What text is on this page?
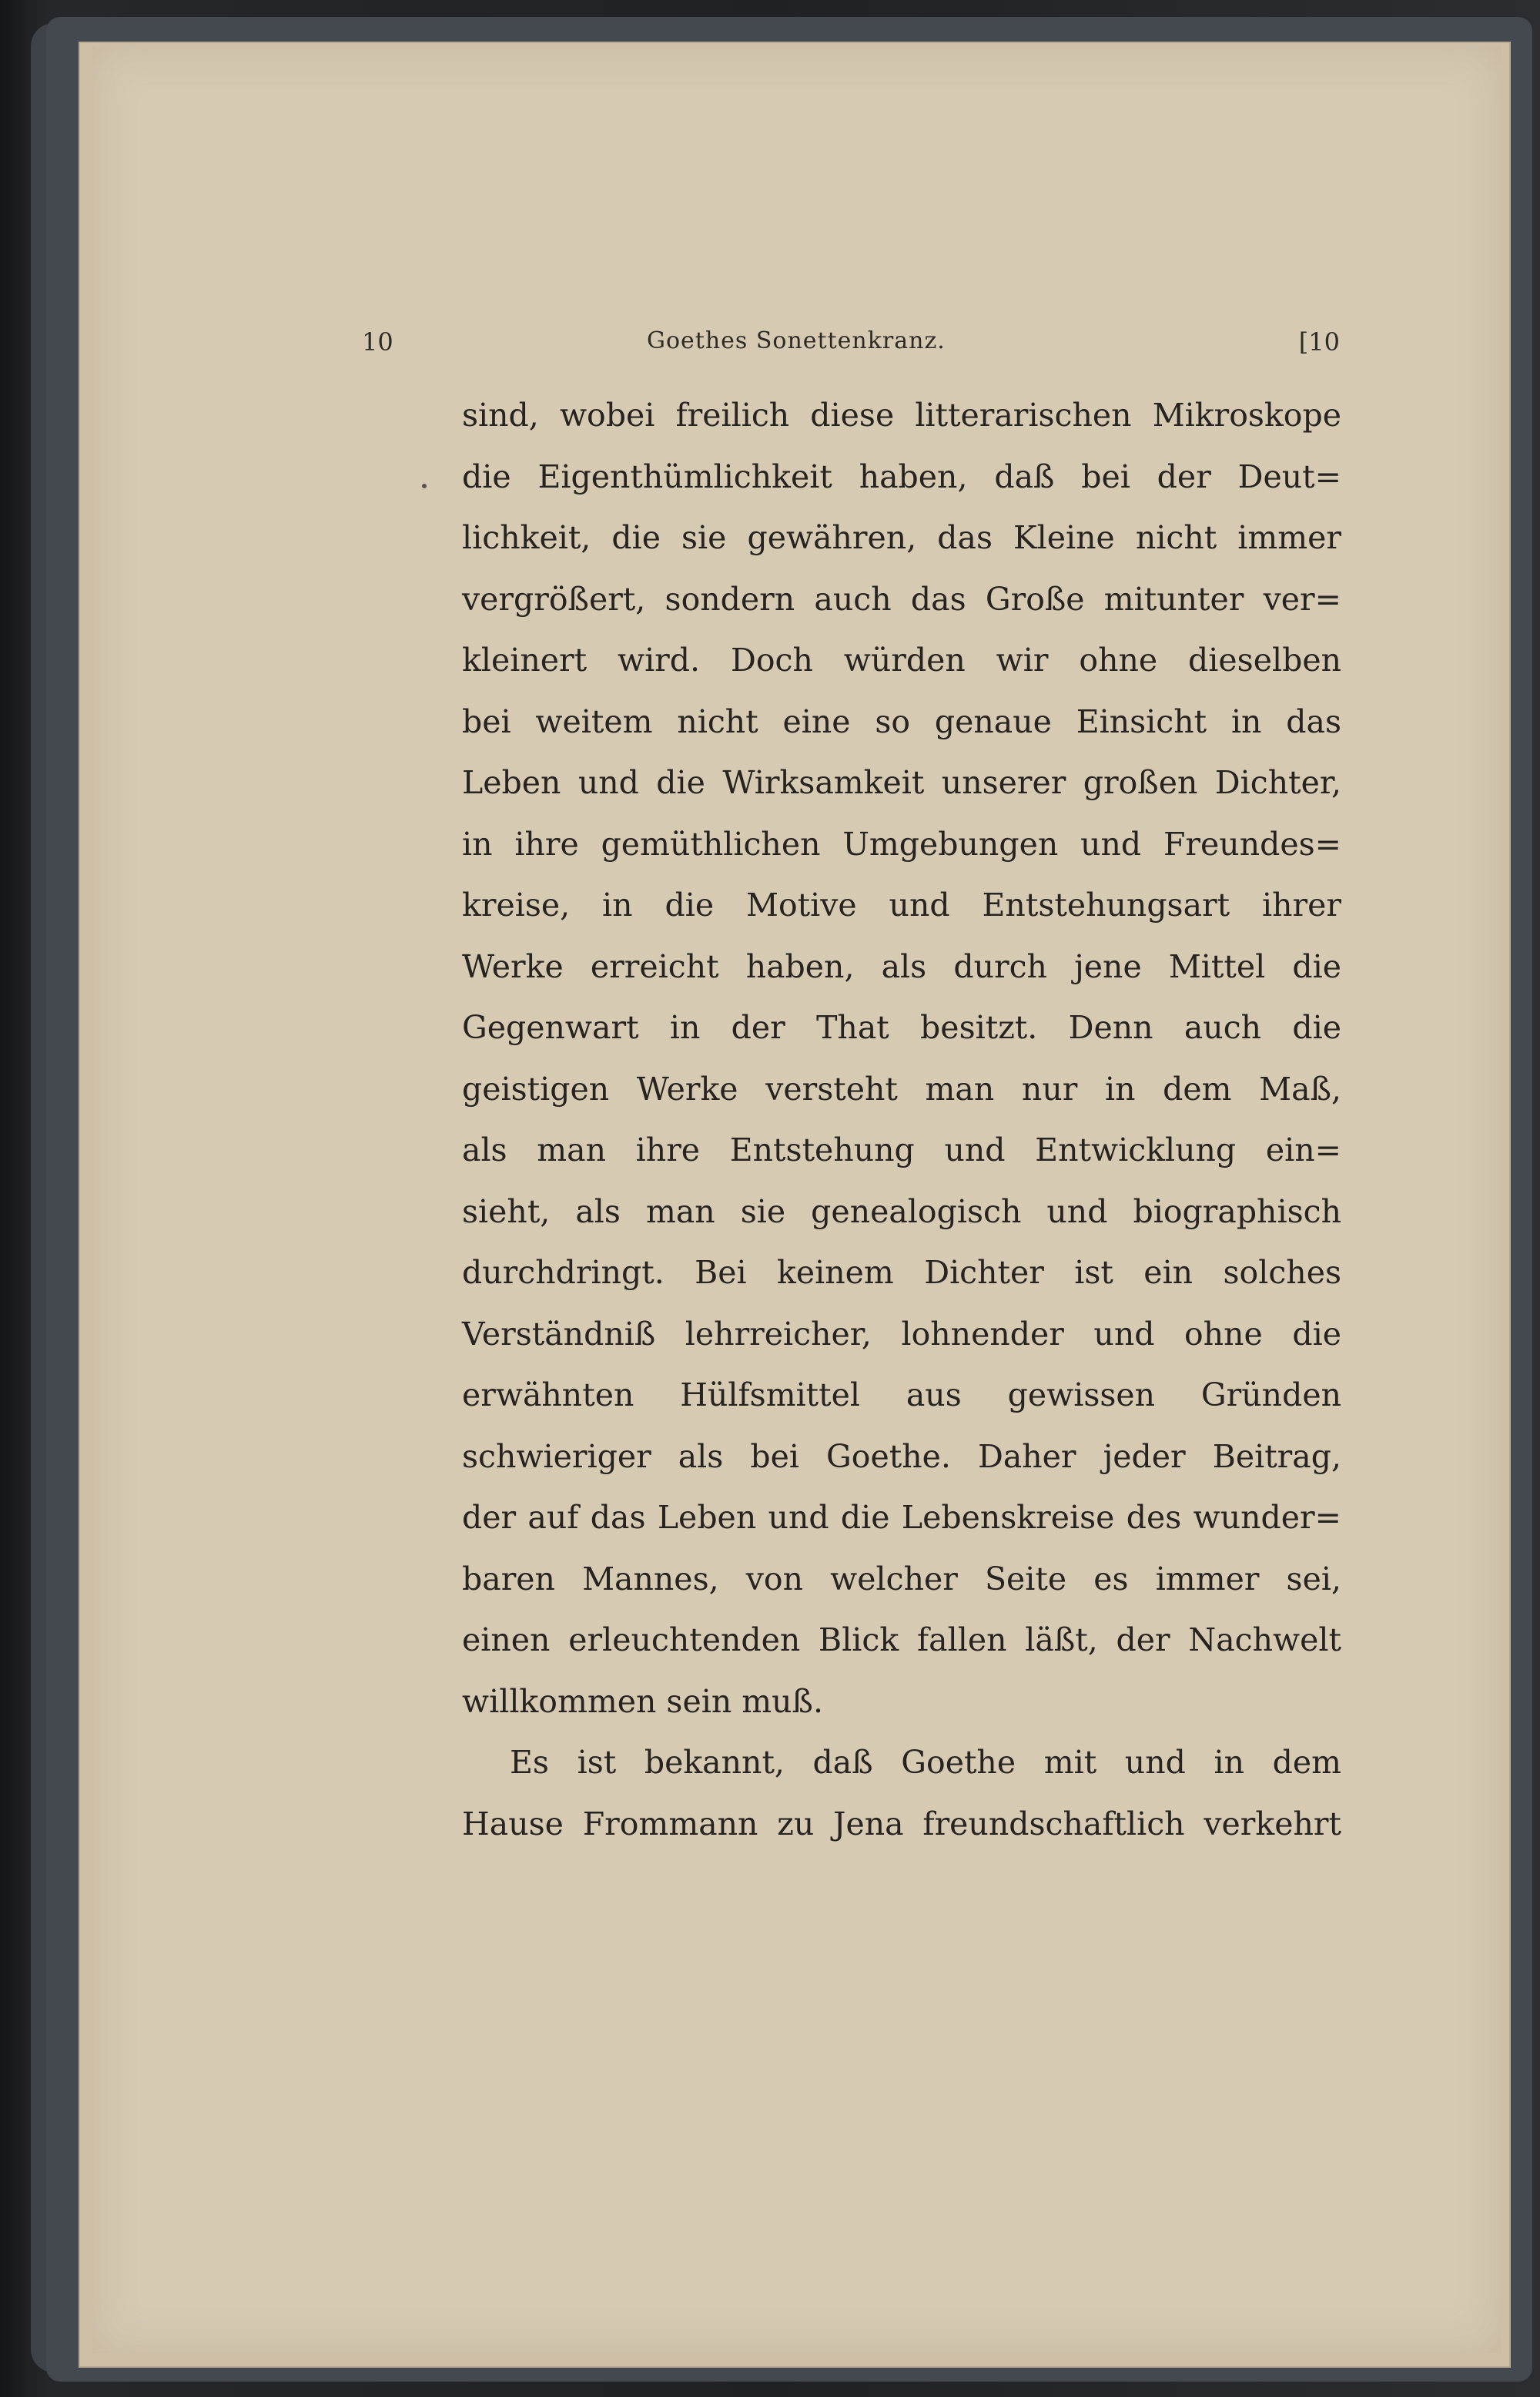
10	Goethes Sonettenkranz.	[10
sind, wobei freilich diese litterarischen Mikroskope
die Eigenthümlichkeit haben, daß bei der Deut=
lichkeit, die sie gewähren, das Kleine nicht immer
vergrößert, sondern auch das Große mitunter ver=
kleinert wird. Doch würden wir ohne dieselben
bei weitem nicht eine so genaue Einsicht in das
Leben und die Wirksamkeit unserer großen Dichter,
in ihre gemüthlichen Umgebungen und Freundes=
kreise, in die Motive und Entstehungsart ihrer
Werke erreicht haben, als durch jene Mittel die
Gegenwart in der That besitzt. Denn auch die
geistigen Werke versteht man nur in dem Maß,
als man ihre Entstehung und Entwicklung ein=
sieht, als man sie genealogisch und biographisch
durchdringt. Bei keinem Dichter ist ein solches
Verständniß lehrreicher, lohnender und ohne die
erwähnten Hülfsmittel aus gewissen Gründen
schwieriger als bei Goethe. Daher jeder Beitrag,
der auf das Leben und die Lebenskreise des wunder=
baren Mannes, von welcher Seite es immer sei,
einen erleuchtenden Blick fallen läßt, der Nachwelt
willkommen sein muß.
Es ist bekannt, daß Goethe mit und in dem
Hause Frommann zu Jena freundschaftlich verkehrt
